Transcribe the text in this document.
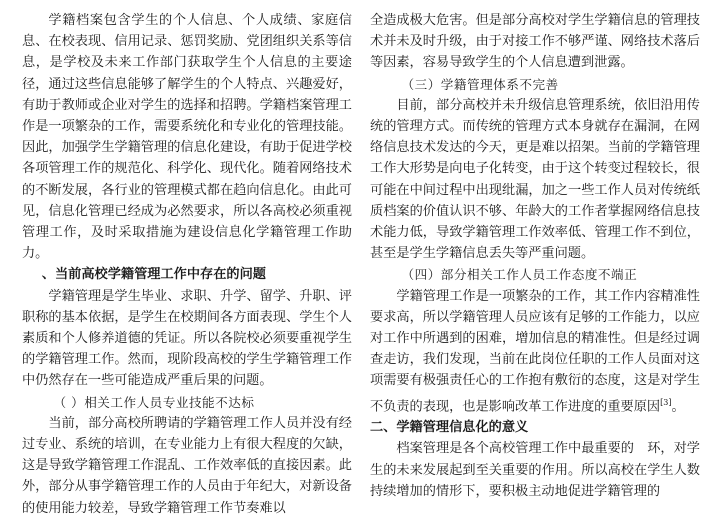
学籍档案包含学生的个人信息、个人成绩、家庭信息、在校表现、信用记录、惩罚奖励、党团组织关系等信息，是学校及未来工作部门获取学生个人信息的主要途径，通过这些信息能够了解学生的个人特点、兴趣爱好，有助于教师或企业对学生的选择和招聘。学籍档案管理工作是一项繁杂的工作，需要系统化和专业化的管理技能。因此，加强学生学籍管理的信息化建设，有助于促进学校各项管理工作的规范化、科学化、现代化。随着网络技术的不断发展，各行业的管理模式都在趋向信息化。由此可见，信息化管理已经成为必然要求，所以各高校必须重视管理工作，及时采取措施为建设信息化学籍管理工作助力。

、当前高校学籍管理工作中存在的问题

学籍管理是学生毕业、求职、升学、留学、升职、评职称的基本依据，是学生在校期间各方面表现、学生个人素质和个人修养道德的凭证。所以各院校必须要重视学生的学籍管理工作。然而，现阶段高校的学生学籍管理工作中仍然存在一些可能造成严重后果的问题。

（ ）相关工作人员专业技能不达标

当前，部分高校所聘请的学籍管理工作人员并没有经过专业、系统的培训，在专业能力上有很大程度的欠缺，这是导致学籍管理工作混乱、工作效率低的直接因素。此外，部分从事学籍管理工作的人员由于年纪大，对新设备的使用能力较差，导致学籍管理工作节奏难以

全造成极大危害。但是部分高校对学生学籍信息的管理技术并未及时升级，由于对接工作不够严谨、网络技术落后等因素，容易导致学生的个人信息遭到泄露。

（三）学籍管理体系不完善

目前，部分高校并未升级信息管理系统，依旧沿用传统的管理方式。而传统的管理方式本身就存在漏洞，在网络信息技术发达的今天，更是难以招架。当前的学籍管理工作大形势是向电子化转变，由于这个转变过程较长，很可能在中间过程中出现纰漏，加之一些工作人员对传统纸质档案的价值认识不够、年龄大的工作者掌握网络信息技术能力低，导致学籍管理工作效率低、管理工作不到位，甚至是学生学籍信息丢失等严重问题。

（四）部分相关工作人员工作态度不端正

学籍管理工作是一项繁杂的工作，其工作内容精准性要求高，所以学籍管理人员应该有足够的工作能力，以应对工作中所遇到的困难，增加信息的精准性。但是经过调查走访，我们发现，当前在此岗位任职的工作人员面对这项需要有极强责任心的工作抱有敷衍的态度，这是对学生不负责的表现，也是影响改革工作进度的重要原因[3]。

二、学籍管理信息化的意义

档案管理是各个高校管理工作中最重要的　环，对学生的未来发展起到至关重要的作用。所以高校在学生人数持续增加的情形下，要积极主动地促进学籍管理的
